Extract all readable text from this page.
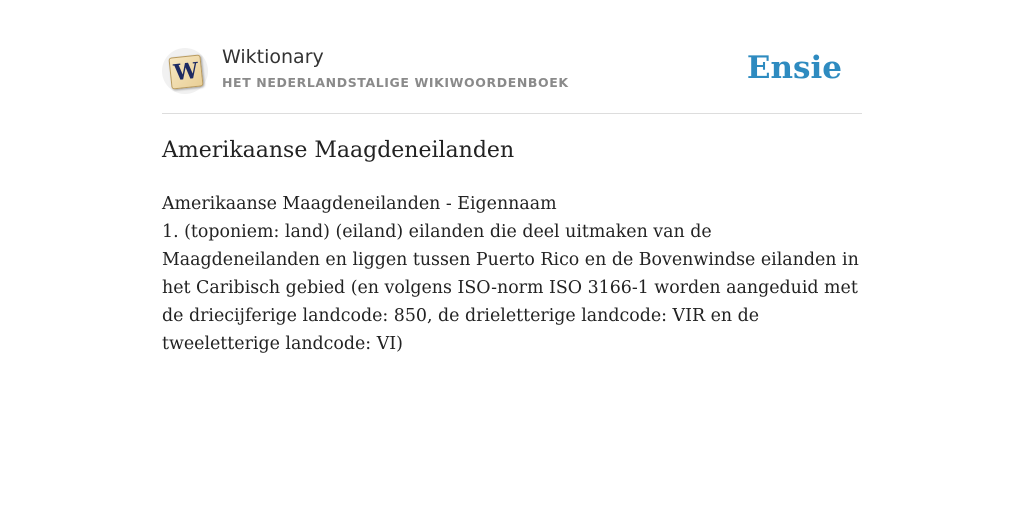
W
Wiktionary
HET NEDERLANDSTALIGE WIKIWOORDENBOEK	Ensie
Amerikaanse Maagdeneilanden

Amerikaanse Maagdeneilanden - Eigennaam

1. (toponiem: land) (eiland) eilanden die deel uitmaken van de Maagdeneilanden en liggen tussen Puerto Rico en de Bovenwindse eilanden in het Caribisch gebied (en volgens ISO-norm ISO 3166-1 worden aangeduid met de driecijferige landcode: 850, de drieletterige landcode: VIR en de tweeletterige landcode: VI)
